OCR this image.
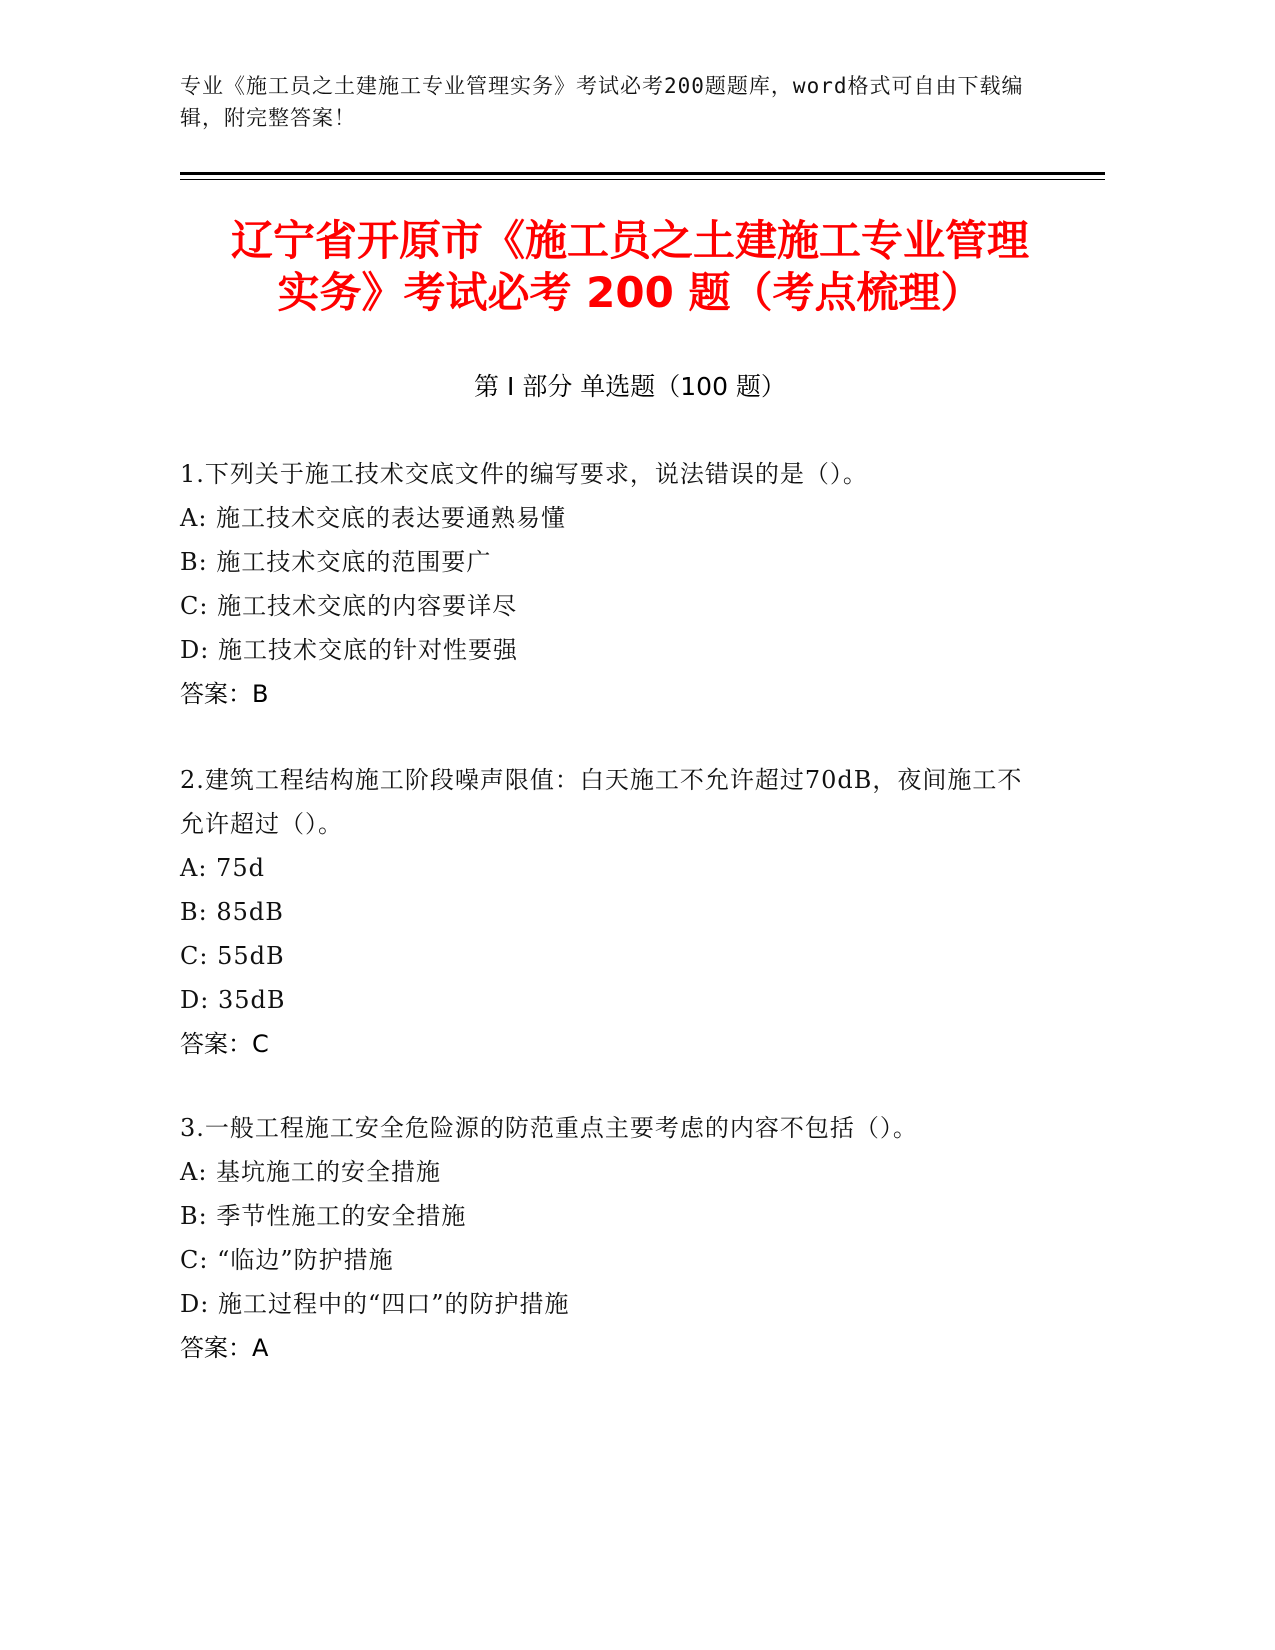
专业《施工员之土建施工专业管理实务》考试必考200题题库，word格式可自由下载编辑，附完整答案！
辽宁省开原市《施工员之土建施工专业管理
实务》考试必考 200 题（考点梳理）
第 I 部分 单选题（100 题）
1.下列关于施工技术交底文件的编写要求，说法错误的是（）。
A: 施工技术交底的表达要通熟易懂
B: 施工技术交底的范围要广
C: 施工技术交底的内容要详尽
D: 施工技术交底的针对性要强
答案：B
2.建筑工程结构施工阶段噪声限值：白天施工不允许超过70dB，夜间施工不允许超过（）。
A: 75d
B: 85dB
C: 55dB
D: 35dB
答案：C
3.一般工程施工安全危险源的防范重点主要考虑的内容不包括（）。
A: 基坑施工的安全措施
B: 季节性施工的安全措施
C: “临边”防护措施
D: 施工过程中的“四口”的防护措施
答案：A
